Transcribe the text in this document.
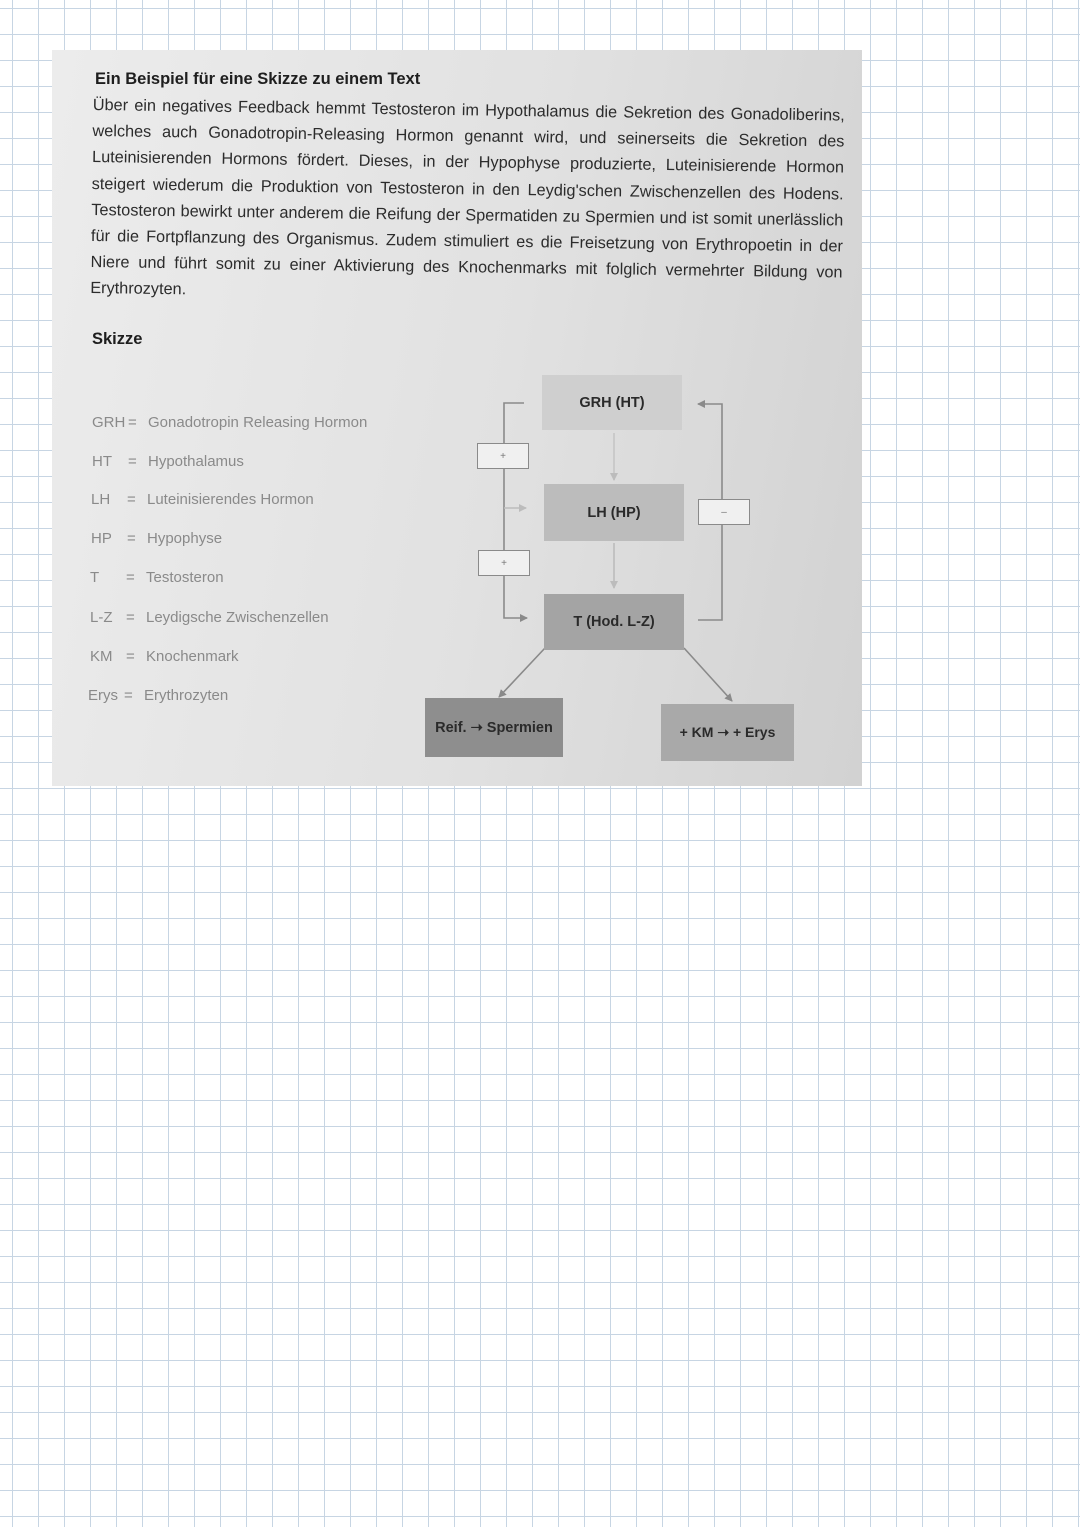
Ein Beispiel für eine Skizze zu einem Text
Über ein negatives Feedback hemmt Testosteron im Hypothalamus die Sekretion des Gonadoliberins, welches auch Gonadotropin-Releasing Hormon genannt wird, und seinerseits die Sekretion des Luteinisierenden Hormons fördert. Dieses, in der Hypophyse produzierte, Luteinisierende Hormon steigert wiederum die Produktion von Testosteron in den Leydig'schen Zwischenzellen des Hodens. Testosteron bewirkt unter anderem die Reifung der Spermatiden zu Spermien und ist somit unerlässlich für die Fortpflanzung des Organismus. Zudem stimuliert es die Freisetzung von Erythropoetin in der Niere und führt somit zu einer Aktivierung des Knochenmarks mit folglich vermehrter Bildung von Erythrozyten.
Skizze
GRH = Gonadotropin Releasing Hormon
HT = Hypothalamus
LH = Luteinisierendes Hormon
HP = Hypophyse
T = Testosteron
L-Z = Leydigsche Zwischenzellen
KM = Knochenmark
Erys = Erythrozyten
GRH (HT)
LH (HP)
T (Hod. L-Z)
Reif. ➝ Spermien	+ KM ➝ + Erys
+
+
–
